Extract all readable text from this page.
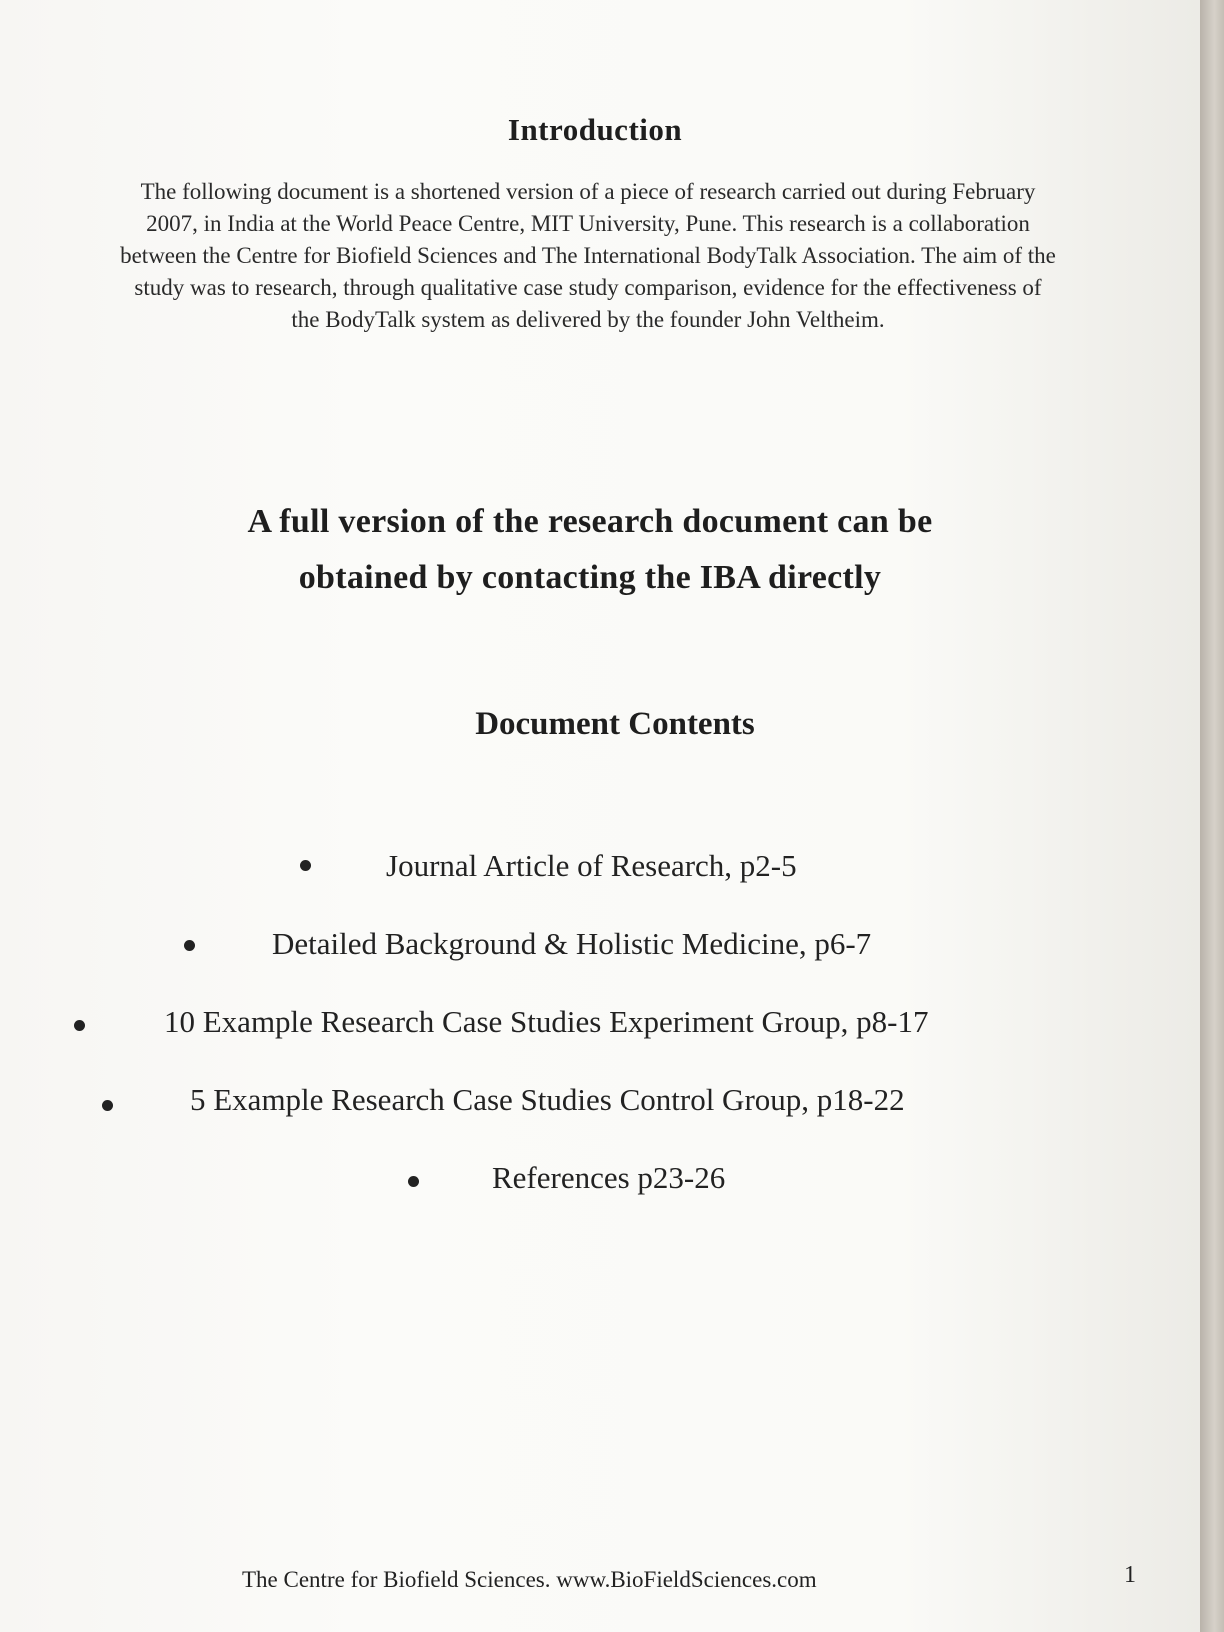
Introduction

The following document is a shortened version of a piece of research carried out during February 2007, in India at the World Peace Centre, MIT University, Pune. This research is a collaboration between the Centre for Biofield Sciences and The International BodyTalk Association. The aim of the study was to research, through qualitative case study comparison, evidence for the effectiveness of the BodyTalk system as delivered by the founder John Veltheim.

A full version of the research document can be
obtained by contacting the IBA directly
Document Contents
Journal Article of Research, p2-5
Detailed Background & Holistic Medicine, p6-7
10 Example Research Case Studies Experiment Group, p8-17
5 Example Research Case Studies Control Group, p18-22
References p23-26
The Centre for Biofield Sciences. www.BioFieldSciences.com	1
